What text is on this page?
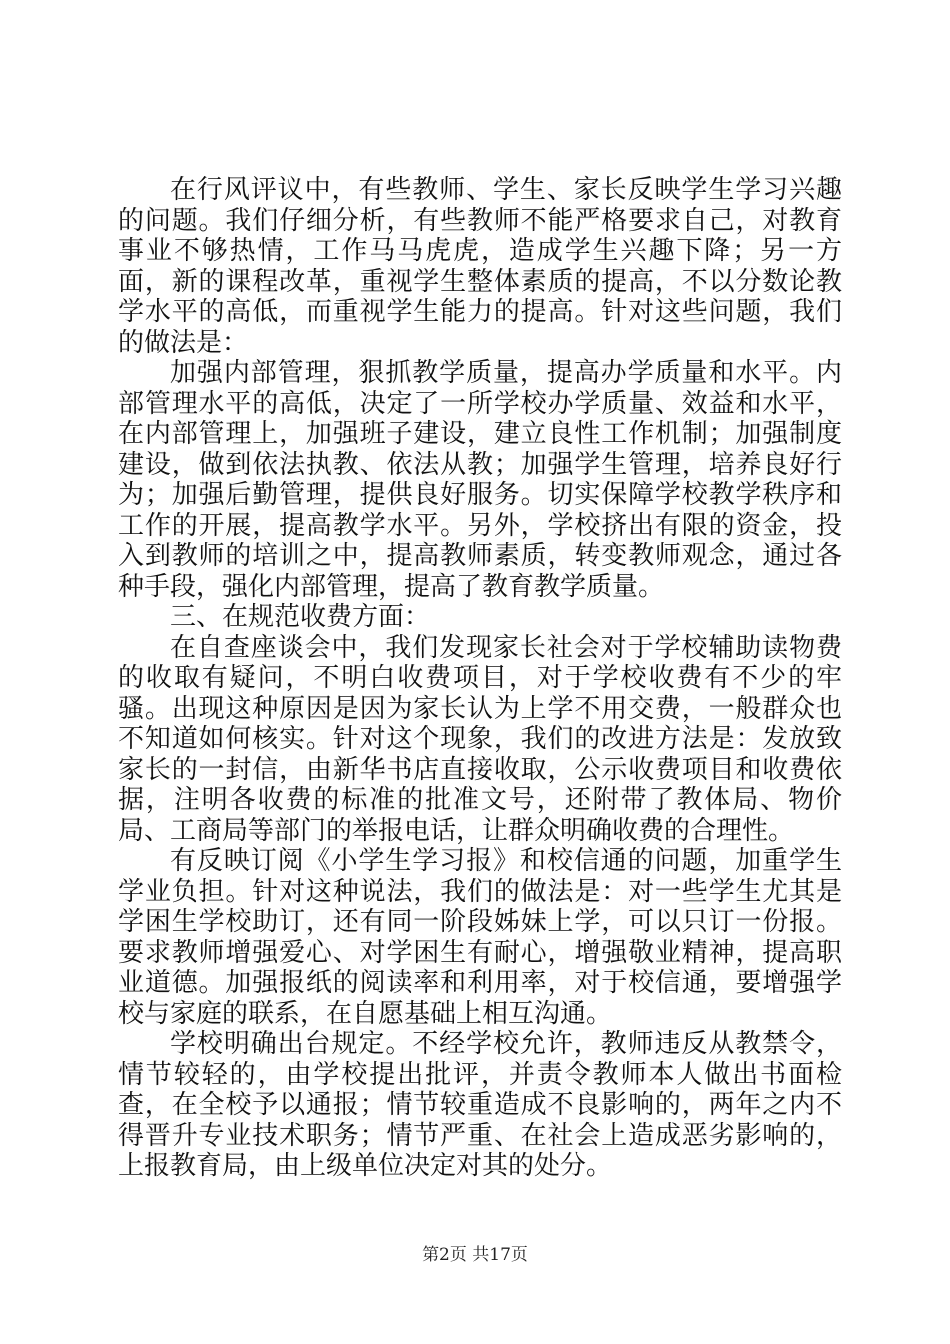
在行风评议中，有些教师、学生、家长反映学生学习兴趣的问题。我们仔细分析，有些教师不能严格要求自己，对教育事业不够热情，工作马马虎虎，造成学生兴趣下降；另一方面，新的课程改革，重视学生整体素质的提高，不以分数论教学水平的高低，而重视学生能力的提高。针对这些问题，我们的做法是：

加强内部管理，狠抓教学质量，提高办学质量和水平。内部管理水平的高低，决定了一所学校办学质量、效益和水平，在内部管理上，加强班子建设，建立良性工作机制；加强制度建设，做到依法执教、依法从教；加强学生管理，培养良好行为；加强后勤管理，提供良好服务。切实保障学校教学秩序和工作的开展，提高教学水平。另外，学校挤出有限的资金，投入到教师的培训之中，提高教师素质，转变教师观念，通过各种手段，强化内部管理，提高了教育教学质量。

三、在规范收费方面：

在自查座谈会中，我们发现家长社会对于学校辅助读物费的收取有疑问，不明白收费项目，对于学校收费有不少的牢骚。出现这种原因是因为家长认为上学不用交费，一般群众也不知道如何核实。针对这个现象，我们的改进方法是：发放致家长的一封信，由新华书店直接收取，公示收费项目和收费依据，注明各收费的标准的批准文号，还附带了教体局、物价局、工商局等部门的举报电话，让群众明确收费的合理性。

有反映订阅《小学生学习报》和校信通的问题，加重学生学业负担。针对这种说法，我们的做法是：对一些学生尤其是学困生学校助订，还有同一阶段姊妹上学，可以只订一份报。要求教师增强爱心、对学困生有耐心，增强敬业精神，提高职业道德。加强报纸的阅读率和利用率，对于校信通，要增强学校与家庭的联系，在自愿基础上相互沟通。

学校明确出台规定。不经学校允许，教师违反从教禁令，情节较轻的，由学校提出批评，并责令教师本人做出书面检查，在全校予以通报；情节较重造成不良影响的，两年之内不得晋升专业技术职务；情节严重、在社会上造成恶劣影响的，上报教育局，由上级单位决定对其的处分。

第2页 共17页
